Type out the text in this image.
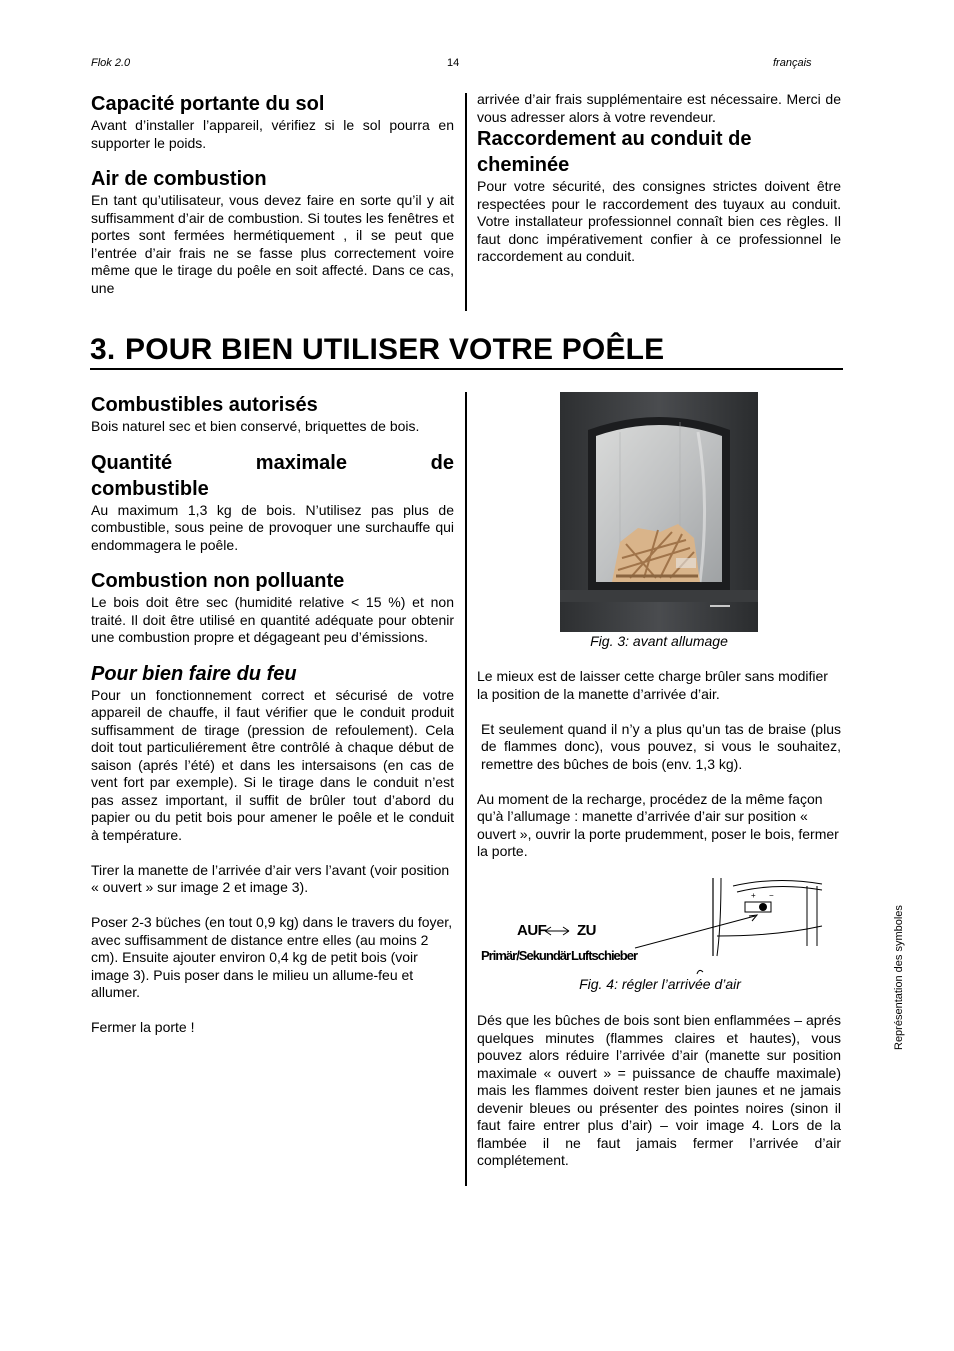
Flok 2.0	14	français
Capacité portante du sol

Avant d’installer l’appareil, vérifiez si le sol pourra en supporter le poids.

Air de combustion

En tant qu’utilisateur, vous devez faire en sorte qu’il y ait suffisamment d’air de combustion. Si toutes les fenêtres et portes sont fermées hermétiquement , il se peut que l’entrée d’air frais ne se fasse plus correctement voire même que le tirage du poêle en soit affecté. Dans ce cas, une

arrivée d’air frais supplémentaire est nécessaire. Merci de vous adresser alors à votre revendeur.

Raccordement au conduit de
cheminée

Pour votre sécurité, des consignes strictes doivent être respectées pour le raccordement des tuyaux au conduit. Votre installateur professionnel connaît bien ces règles. Il faut donc impérativement confier à ce professionnel le raccordement au conduit.

3. POUR BIEN UTILISER VOTRE POÊLE
Combustibles autorisés

Bois naturel sec et bien conservé, briquettes de bois.

Quantité	maximale	de
combustible

Au maximum 1,3 kg de bois. N’utilisez pas plus de combustible, sous peine de provoquer une surchauffe qui endommagera le poêle.

Combustion non polluante

Le bois doit être sec (humidité relative < 15 %) et non traité. Il doit être utilisé en quantité adéquate pour obtenir une combustion propre et dégageant peu d’émissions.

Pour bien faire du feu

Pour un fonctionnement correct et sécurisé de votre appareil de chauffe, il faut vérifier que le conduit produit suffisamment de tirage (pression de refoulement). Cela doit tout particuliérement être contrôlé à chaque début de saison (aprés l’été) et dans les intersaisons (en cas de vent fort par exemple). Si le tirage dans le conduit n’est pas assez important, il suffit de brûler tout d’abord du papier ou du petit bois pour amener le poêle et le conduit à température.

Tirer la manette de l’arrivée d’air vers l’avant (voir position « ouvert » sur image 2 et image 3).

Poser 2-3 büches (en tout 0,9 kg) dans le travers du foyer, avec suffisamment de distance entre elles (au moins 2 cm). Ensuite ajouter environ 0,4 kg de petit bois (voir image 3). Puis poser dans le milieu un allume-feu et allumer.

Fermer la porte !

Fig. 3: avant allumage

Le mieux est de laisser cette charge brûler sans modifier la position de la manette d’arrivée d’air.

Et seulement quand il n’y a plus qu’un tas de braise (plus de flammes donc), vous pouvez, si vous le souhaitez, remettre des bûches de bois (env. 1,3 kg).

Au moment de la recharge, procédez de la même façon qu’à l’allumage : manette d’arrivée d’air sur position « ouvert », ouvrir la porte prudemment, poser le bois, fermer la porte.

+ −
AUF ZU
Primär/Sekundär Luftschieber
Fig. 4: régler l’arrivée d’air

Dés que les bûches de bois sont bien enflammées – aprés quelques minutes (flammes claires et hautes), vous pouvez alors réduire l’arrivée d’air (manette sur position maximale « ouvert » = puissance de chauffe maximale) mais les flammes doivent rester bien jaunes et ne jamais devenir bleues ou présenter des pointes noires (sinon il faut faire entrer plus d’air) – voir image 4. Lors de la flambée il ne faut jamais fermer l’arrivée d’air complétement.

Représentation des symboles
